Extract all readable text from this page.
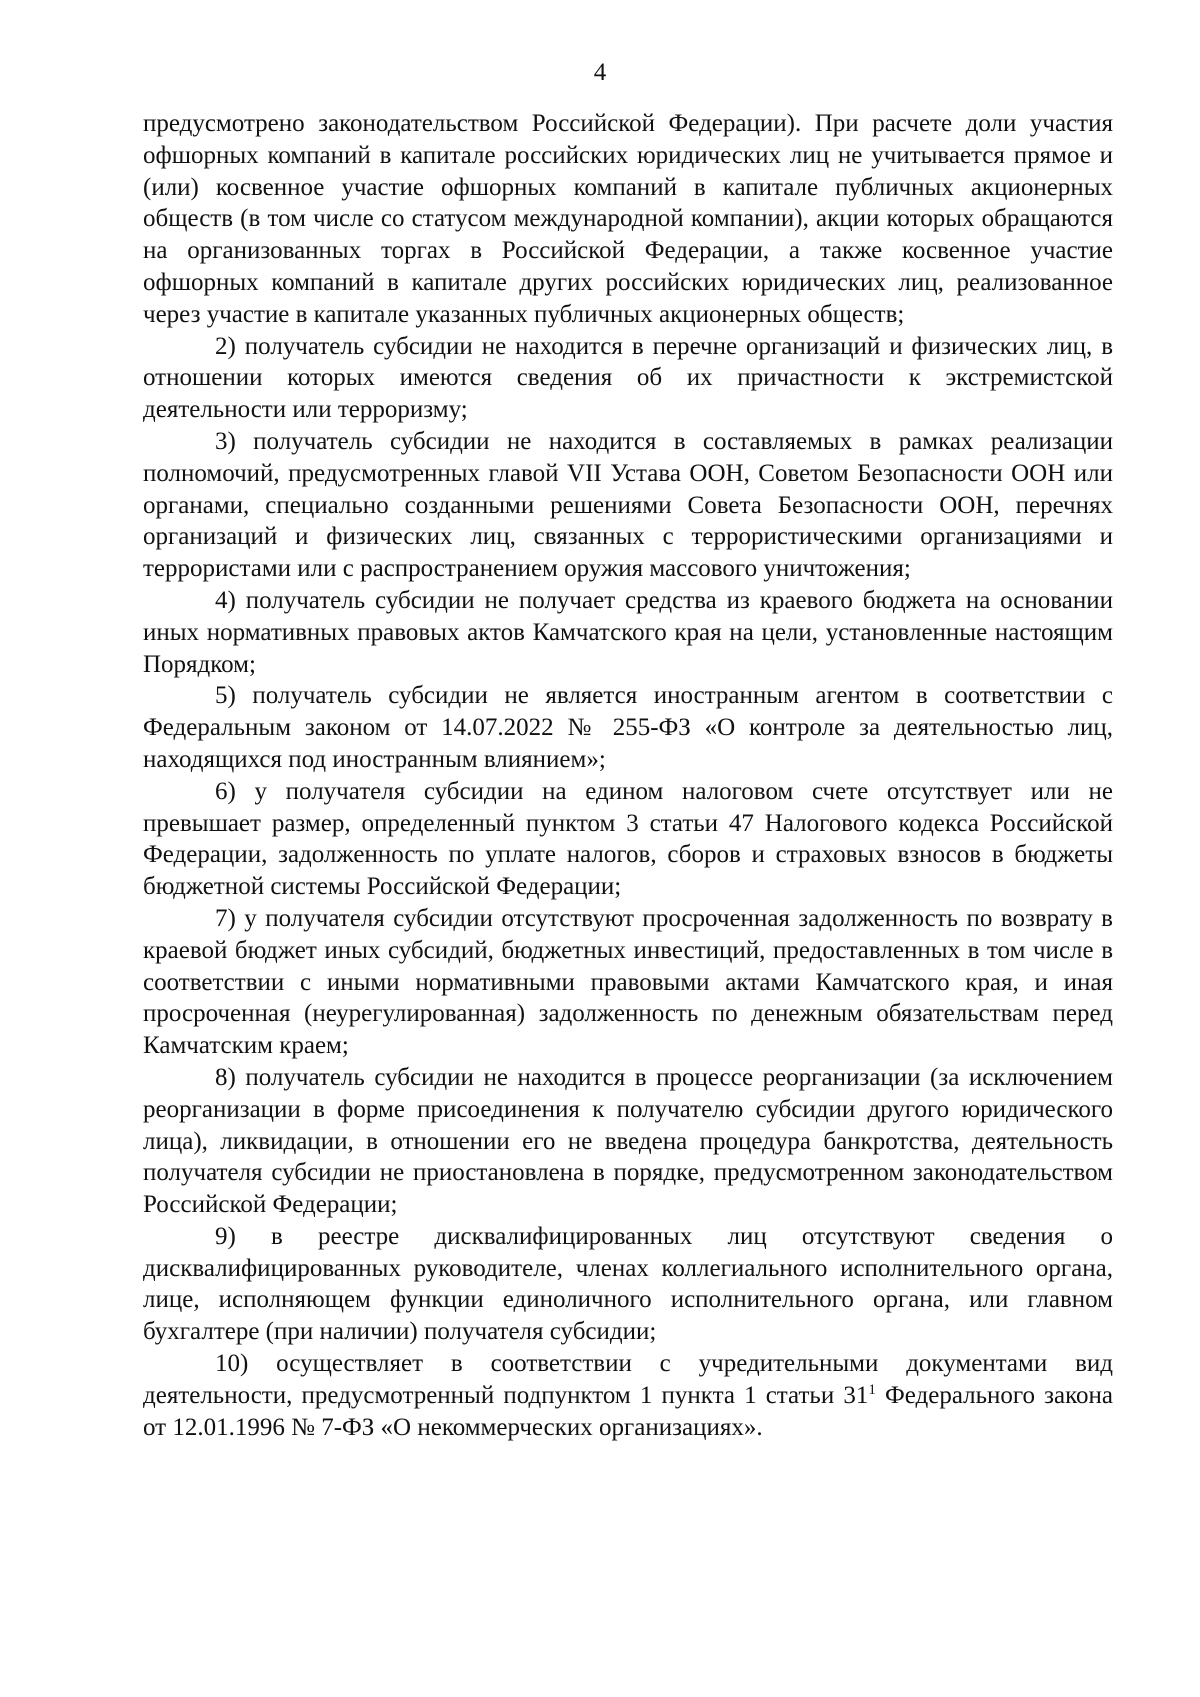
4

предусмотрено законодательством Российской Федерации). При расчете доли участия офшорных компаний в капитале российских юридических лиц не учитывается прямое и (или) косвенное участие офшорных компаний в капитале публичных акционерных обществ (в том числе со статусом международной компании), акции которых обращаются на организованных торгах в Российской Федерации, а также косвенное участие офшорных компаний в капитале других российских юридических лиц, реализованное через участие в капитале указанных публичных акционерных обществ;

2) получатель субсидии не находится в перечне организаций и физических лиц, в отношении которых имеются сведения об их причастности к экстремистской деятельности или терроризму;

3) получатель субсидии не находится в составляемых в рамках реализации полномочий, предусмотренных главой VII Устава ООН, Советом Безопасности ООН или органами, специально созданными решениями Совета Безопасности ООН, перечнях организаций и физических лиц, связанных с террористическими организациями и террористами или с распространением оружия массового уничтожения;

4) получатель субсидии не получает средства из краевого бюджета на основании иных нормативных правовых актов Камчатского края на цели, установленные настоящим Порядком;

5) получатель субсидии не является иностранным агентом в соответствии с Федеральным законом от 14.07.2022 № 255-ФЗ «О контроле за деятельностью лиц, находящихся под иностранным влиянием»;

6) у получателя субсидии на едином налоговом счете отсутствует или не превышает размер, определенный пунктом 3 статьи 47 Налогового кодекса Российской Федерации, задолженность по уплате налогов, сборов и страховых взносов в бюджеты бюджетной системы Российской Федерации;

7) у получателя субсидии отсутствуют просроченная задолженность по возврату в краевой бюджет иных субсидий, бюджетных инвестиций, предоставленных в том числе в соответствии с иными нормативными правовыми актами Камчатского края, и иная просроченная (неурегулированная) задолженность по денежным обязательствам перед Камчатским краем;

8) получатель субсидии не находится в процессе реорганизации (за исключением реорганизации в форме присоединения к получателю субсидии другого юридического лица), ликвидации, в отношении его не введена процедура банкротства, деятельность получателя субсидии не приостановлена в порядке, предусмотренном законодательством Российской Федерации;

9) в реестре дисквалифицированных лиц отсутствуют сведения о дисквалифицированных руководителе, членах коллегиального исполнительного органа, лице, исполняющем функции единоличного исполнительного органа, или главном бухгалтере (при наличии) получателя субсидии;

10) осуществляет в соответствии с учредительными документами вид деятельности, предусмотренный подпунктом 1 пункта 1 статьи $31^1$ Федерального закона от 12.01.1996 № 7-ФЗ «О некоммерческих организациях».
